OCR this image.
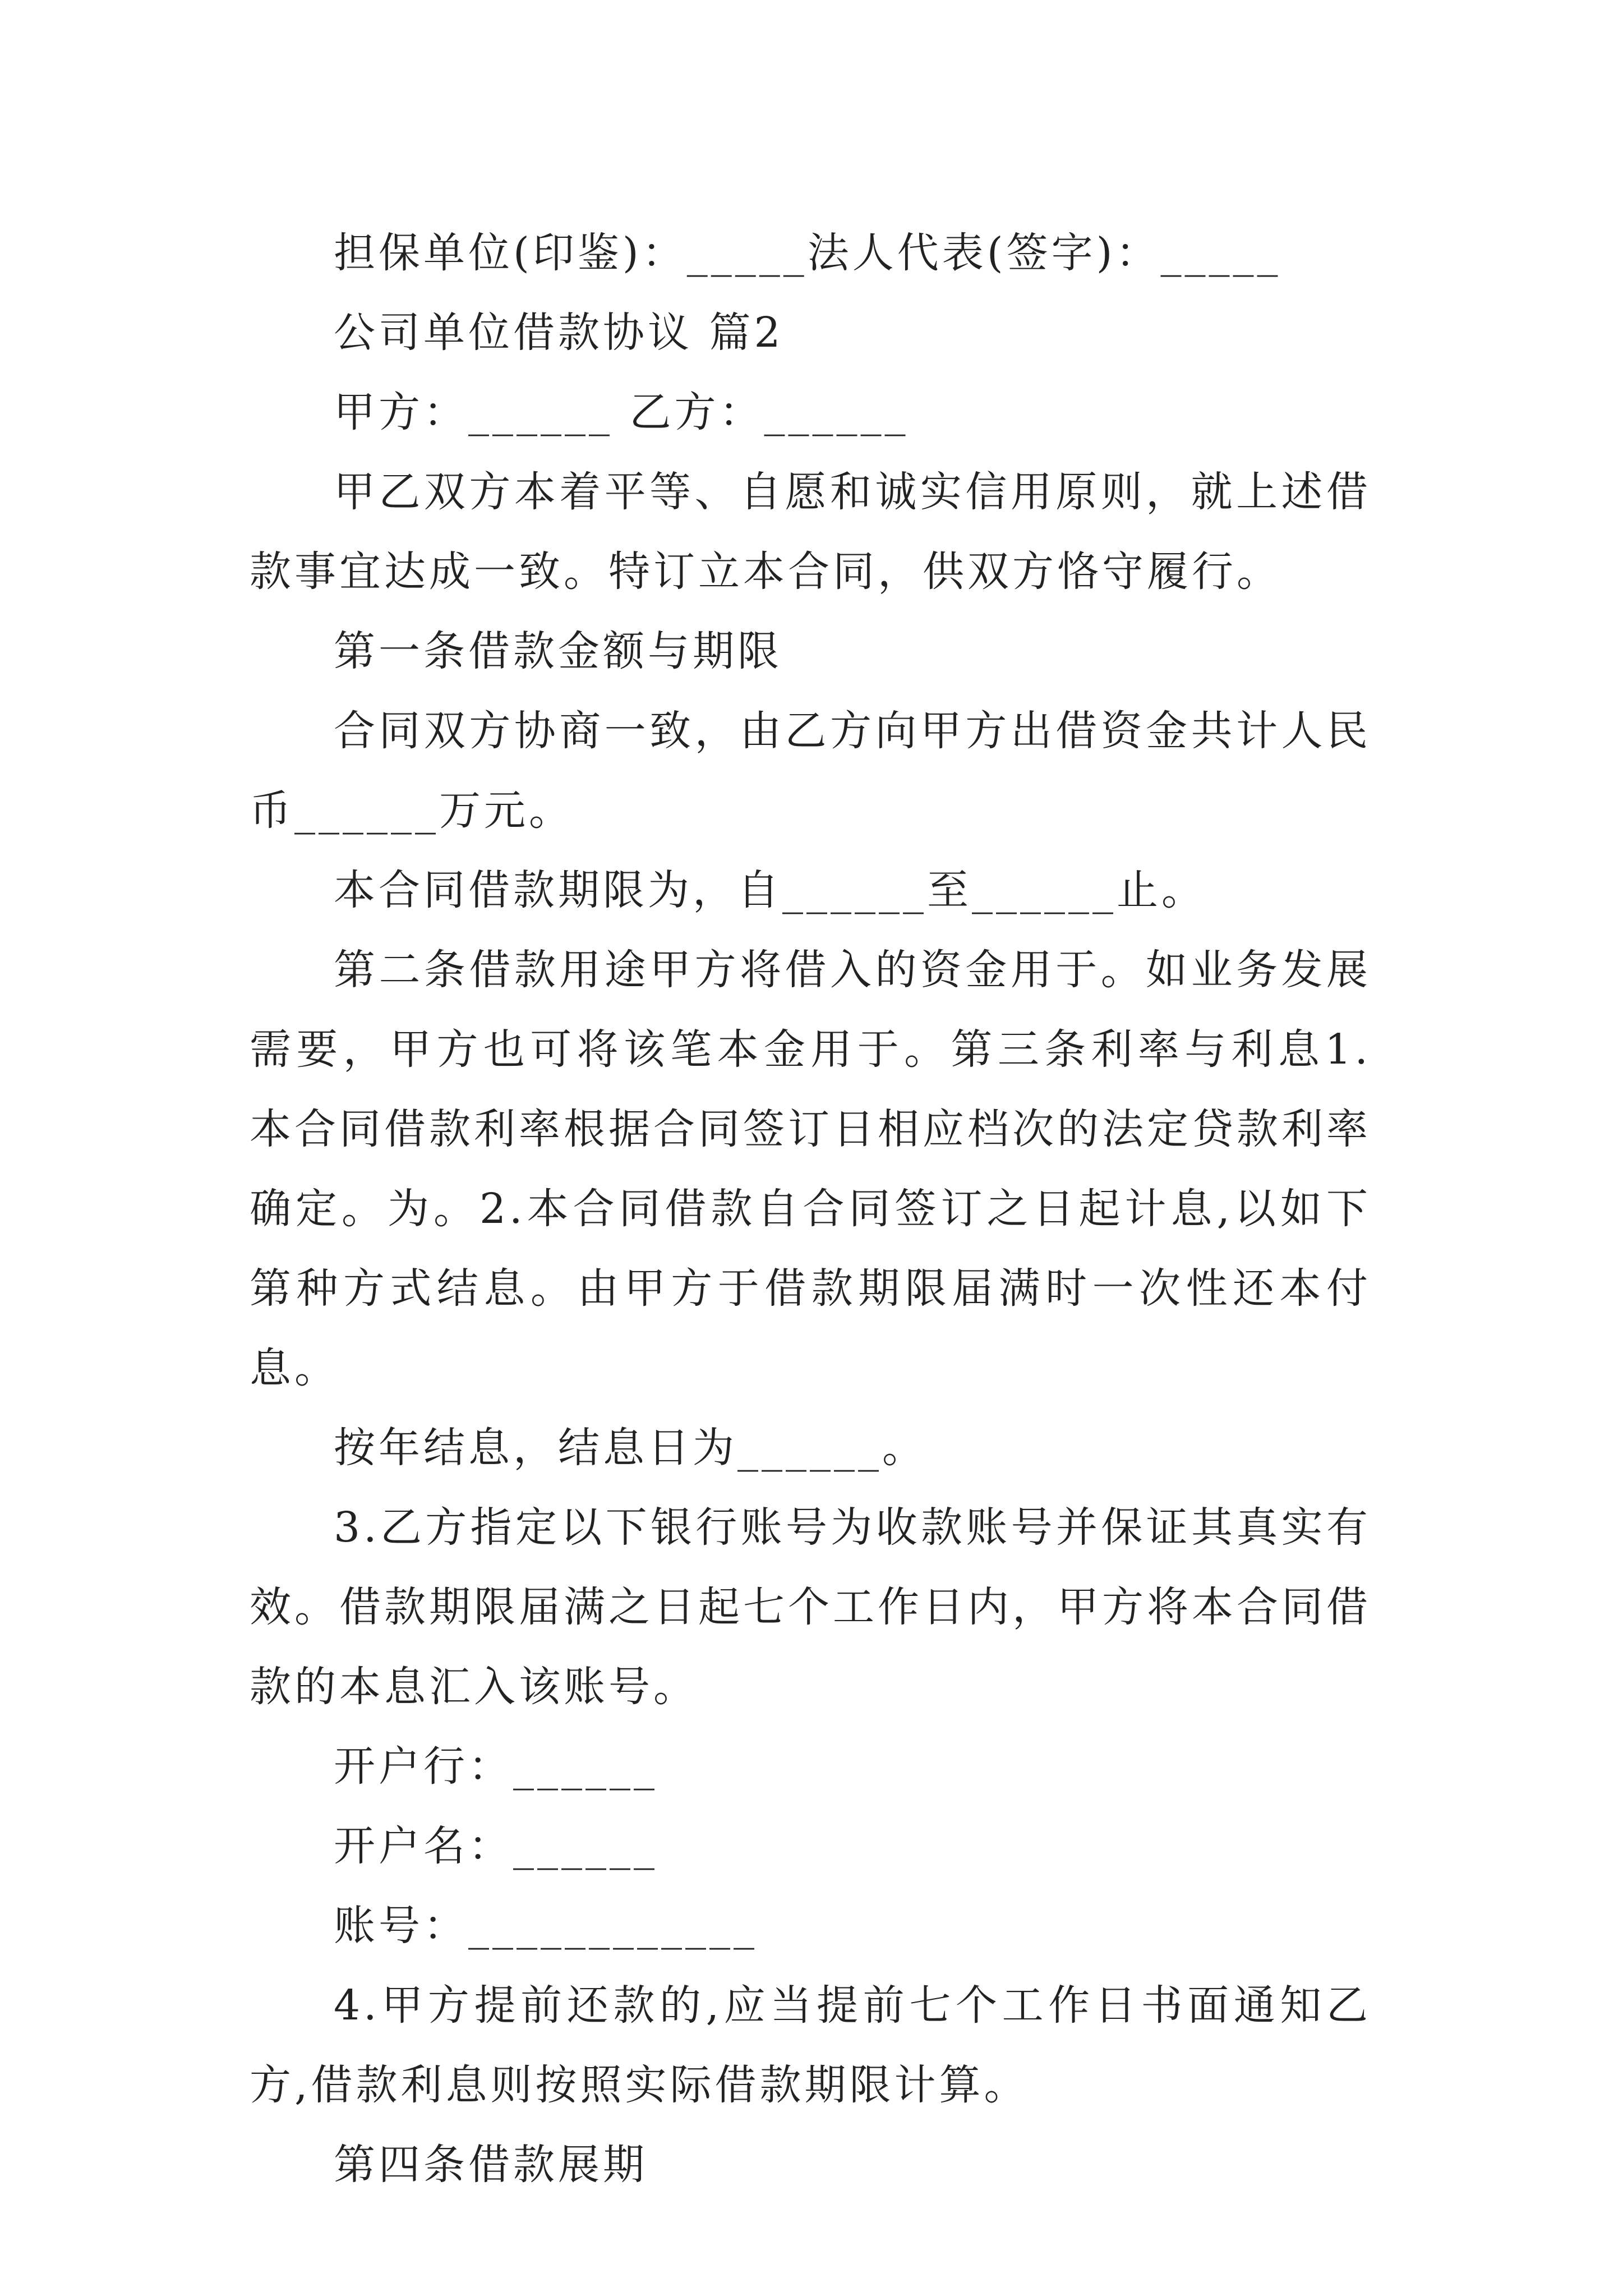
担保单位(印鉴)：_____法人代表(签字)：_____

公司单位借款协议 篇2

甲方：______ 乙方：______

甲乙双方本着平等、自愿和诚实信用原则，就上述借款事宜达成一致。特订立本合同，供双方恪守履行。

第一条借款金额与期限

合同双方协商一致，由乙方向甲方出借资金共计人民币______万元。

本合同借款期限为，自______至______止。

第二条借款用途甲方将借入的资金用于。如业务发展需要，甲方也可将该笔本金用于。第三条利率与利息1.本合同借款利率根据合同签订日相应档次的法定贷款利率确定。为。2.本合同借款自合同签订之日起计息,以如下第种方式结息。由甲方于借款期限届满时一次性还本付息。

按年结息，结息日为______。

3.乙方指定以下银行账号为收款账号并保证其真实有效。借款期限届满之日起七个工作日内，甲方将本合同借款的本息汇入该账号。

开户行：______

开户名：______

账号：____________

4.甲方提前还款的,应当提前七个工作日书面通知乙方,借款利息则按照实际借款期限计算。

第四条借款展期
